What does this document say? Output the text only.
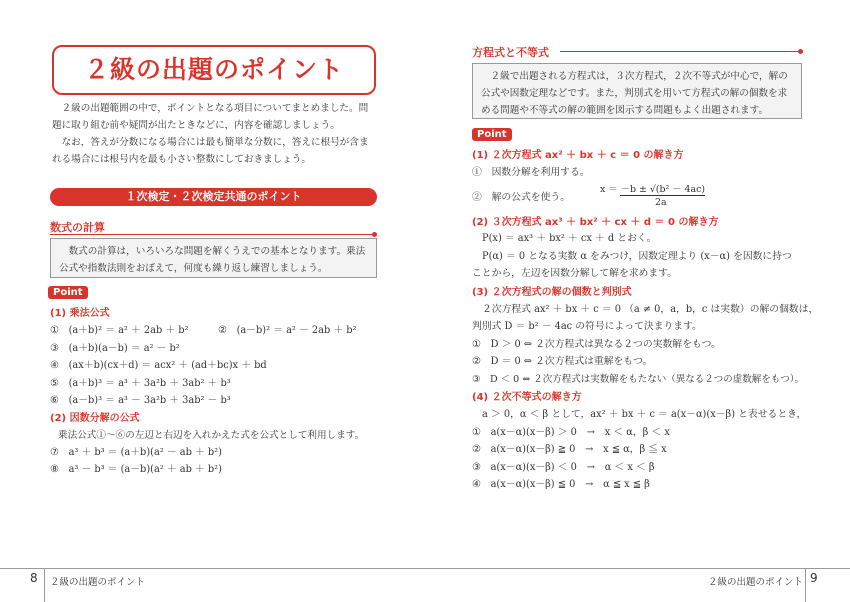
２級の出題のポイント

２級の出題範囲の中で，ポイントとなる項目についてまとめました。問題に取り組む前や疑問が出たときなどに，内容を確認しましょう。

なお，答えが分数になる場合には最も簡単な分数に，答えに根号が含まれる場合には根号内を最も小さい整数にしておきましょう。

１次検定・２次検定共通のポイント
数式の計算

数式の計算は，いろいろな問題を解くうえでの基本となります。乗法公式や指数法則をおぼえて，何度も繰り返し練習しましょう。

Point
(1) 乗法公式
①　(a＋b)² ＝ a² ＋ 2ab ＋ b²	②　(a－b)² ＝ a² － 2ab ＋ b²
③　(a＋b)(a－b) ＝ a² － b²
④　(ax＋b)(cx＋d) ＝ acx² ＋ (ad＋bc)x ＋ bd
⑤　(a＋b)³ ＝ a³ ＋ 3a²b ＋ 3ab² ＋ b³
⑥　(a－b)³ ＝ a³ － 3a²b ＋ 3ab² － b³
(2) 因数分解の公式
乗法公式①～⑥の左辺と右辺を入れかえた式を公式として利用します。
⑦　a³ ＋ b³ ＝ (a＋b)(a² － ab ＋ b²)
⑧　a³ － b³ ＝ (a－b)(a² ＋ ab ＋ b²)
8 ２級の出題のポイント
方程式と不等式

２級で出題される方程式は，３次方程式，２次不等式が中心で，解の公式や因数定理などです。また，判別式を用いて方程式の解の個数を求める問題や不等式の解の範囲を図示する問題もよく出題されます。

Point
(1) ２次方程式 ax² ＋ bx ＋ c ＝ 0 の解き方
①　因数分解を利用する。
②　解の公式を使う。
x ＝ －b ± √(b² － 4ac)
2a
(2) ３次方程式 ax³ ＋ bx² ＋ cx ＋ d ＝ 0 の解き方
P(x) ＝ ax³ ＋ bx² ＋ cx ＋ d とおく。
P(α) ＝ 0 となる実数 α をみつけ，因数定理より (x－α) を因数に持つ
ことから，左辺を因数分解して解を求めます。
(3) ２次方程式の解の個数と判別式
２次方程式 ax² ＋ bx ＋ c ＝ 0 （a ≠ 0，a，b，c は実数）の解の個数は，
判別式 D ＝ b² － 4ac の符号によって決まります。
①　D ＞ 0 ⇔ ２次方程式は異なる２つの実数解をもつ。
②　D ＝ 0 ⇔ ２次方程式は重解をもつ。
③　D ＜ 0 ⇔ ２次方程式は実数解をもたない（異なる２つの虚数解をもつ）。
(4) ２次不等式の解き方
a ＞ 0，α ＜ β として，ax² ＋ bx ＋ c ＝ a(x－α)(x－β) と表せるとき，
①　a(x－α)(x－β) ＞ 0　→　x ＜ α，β ＜ x
②　a(x－α)(x－β) ≧ 0　→　x ≦ α，β ≦ x
③　a(x－α)(x－β) ＜ 0　→　α ＜ x ＜ β
④　a(x－α)(x－β) ≦ 0　→　α ≦ x ≦ β
２級の出題のポイント 9
